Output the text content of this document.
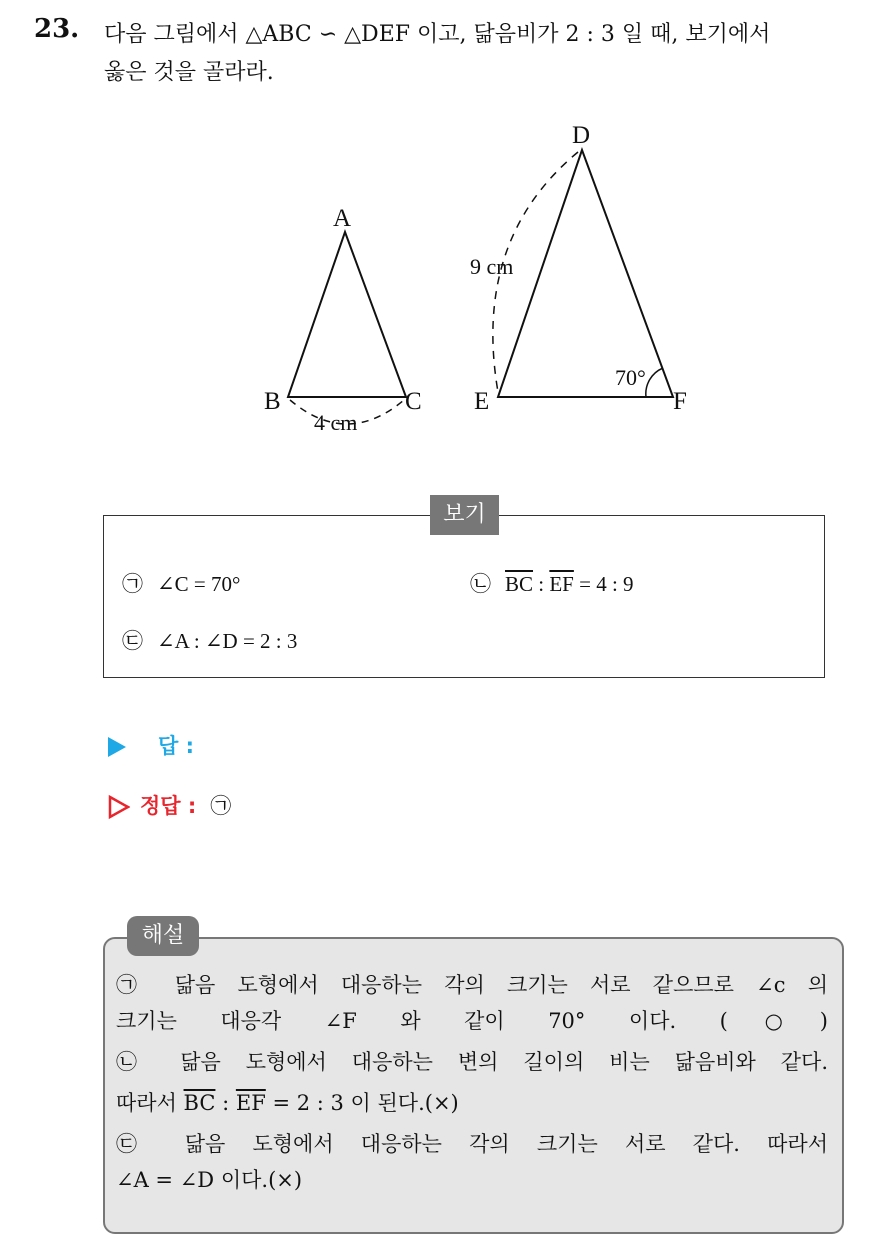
23. 다음 그림에서 △ABC ∽ △DEF 이고, 닮음비가 2 : 3 일 때, 보기에서
옳은 것을 골라라.
A
B	C
D
E	F
4 cm
9 cm
70°
보기
㉠ ∠C = 70°	㉡ $\overline{BC}$ : $\overline{EF} = 4$ : 9
㉢ ∠A : ∠D = 2 : 3
답 :
정답 : ㉠
해설
㉠ 닮음 도형에서 대응하는 각의 크기는 서로 같으므로 ∠c 의
크기는 대응각 ∠F 와 같이 70° 이다. (○)
㉡ 닮음 도형에서 대응하는 변의 길이의 비는 닮음비와 같다.
따라서 $\overline{BC}$ : $\overline{EF} = 2$ : 3 이 된다.(×)
㉢ 닮음 도형에서 대응하는 각의 크기는 서로 같다. 따라서
∠A = ∠D 이다.(×)
